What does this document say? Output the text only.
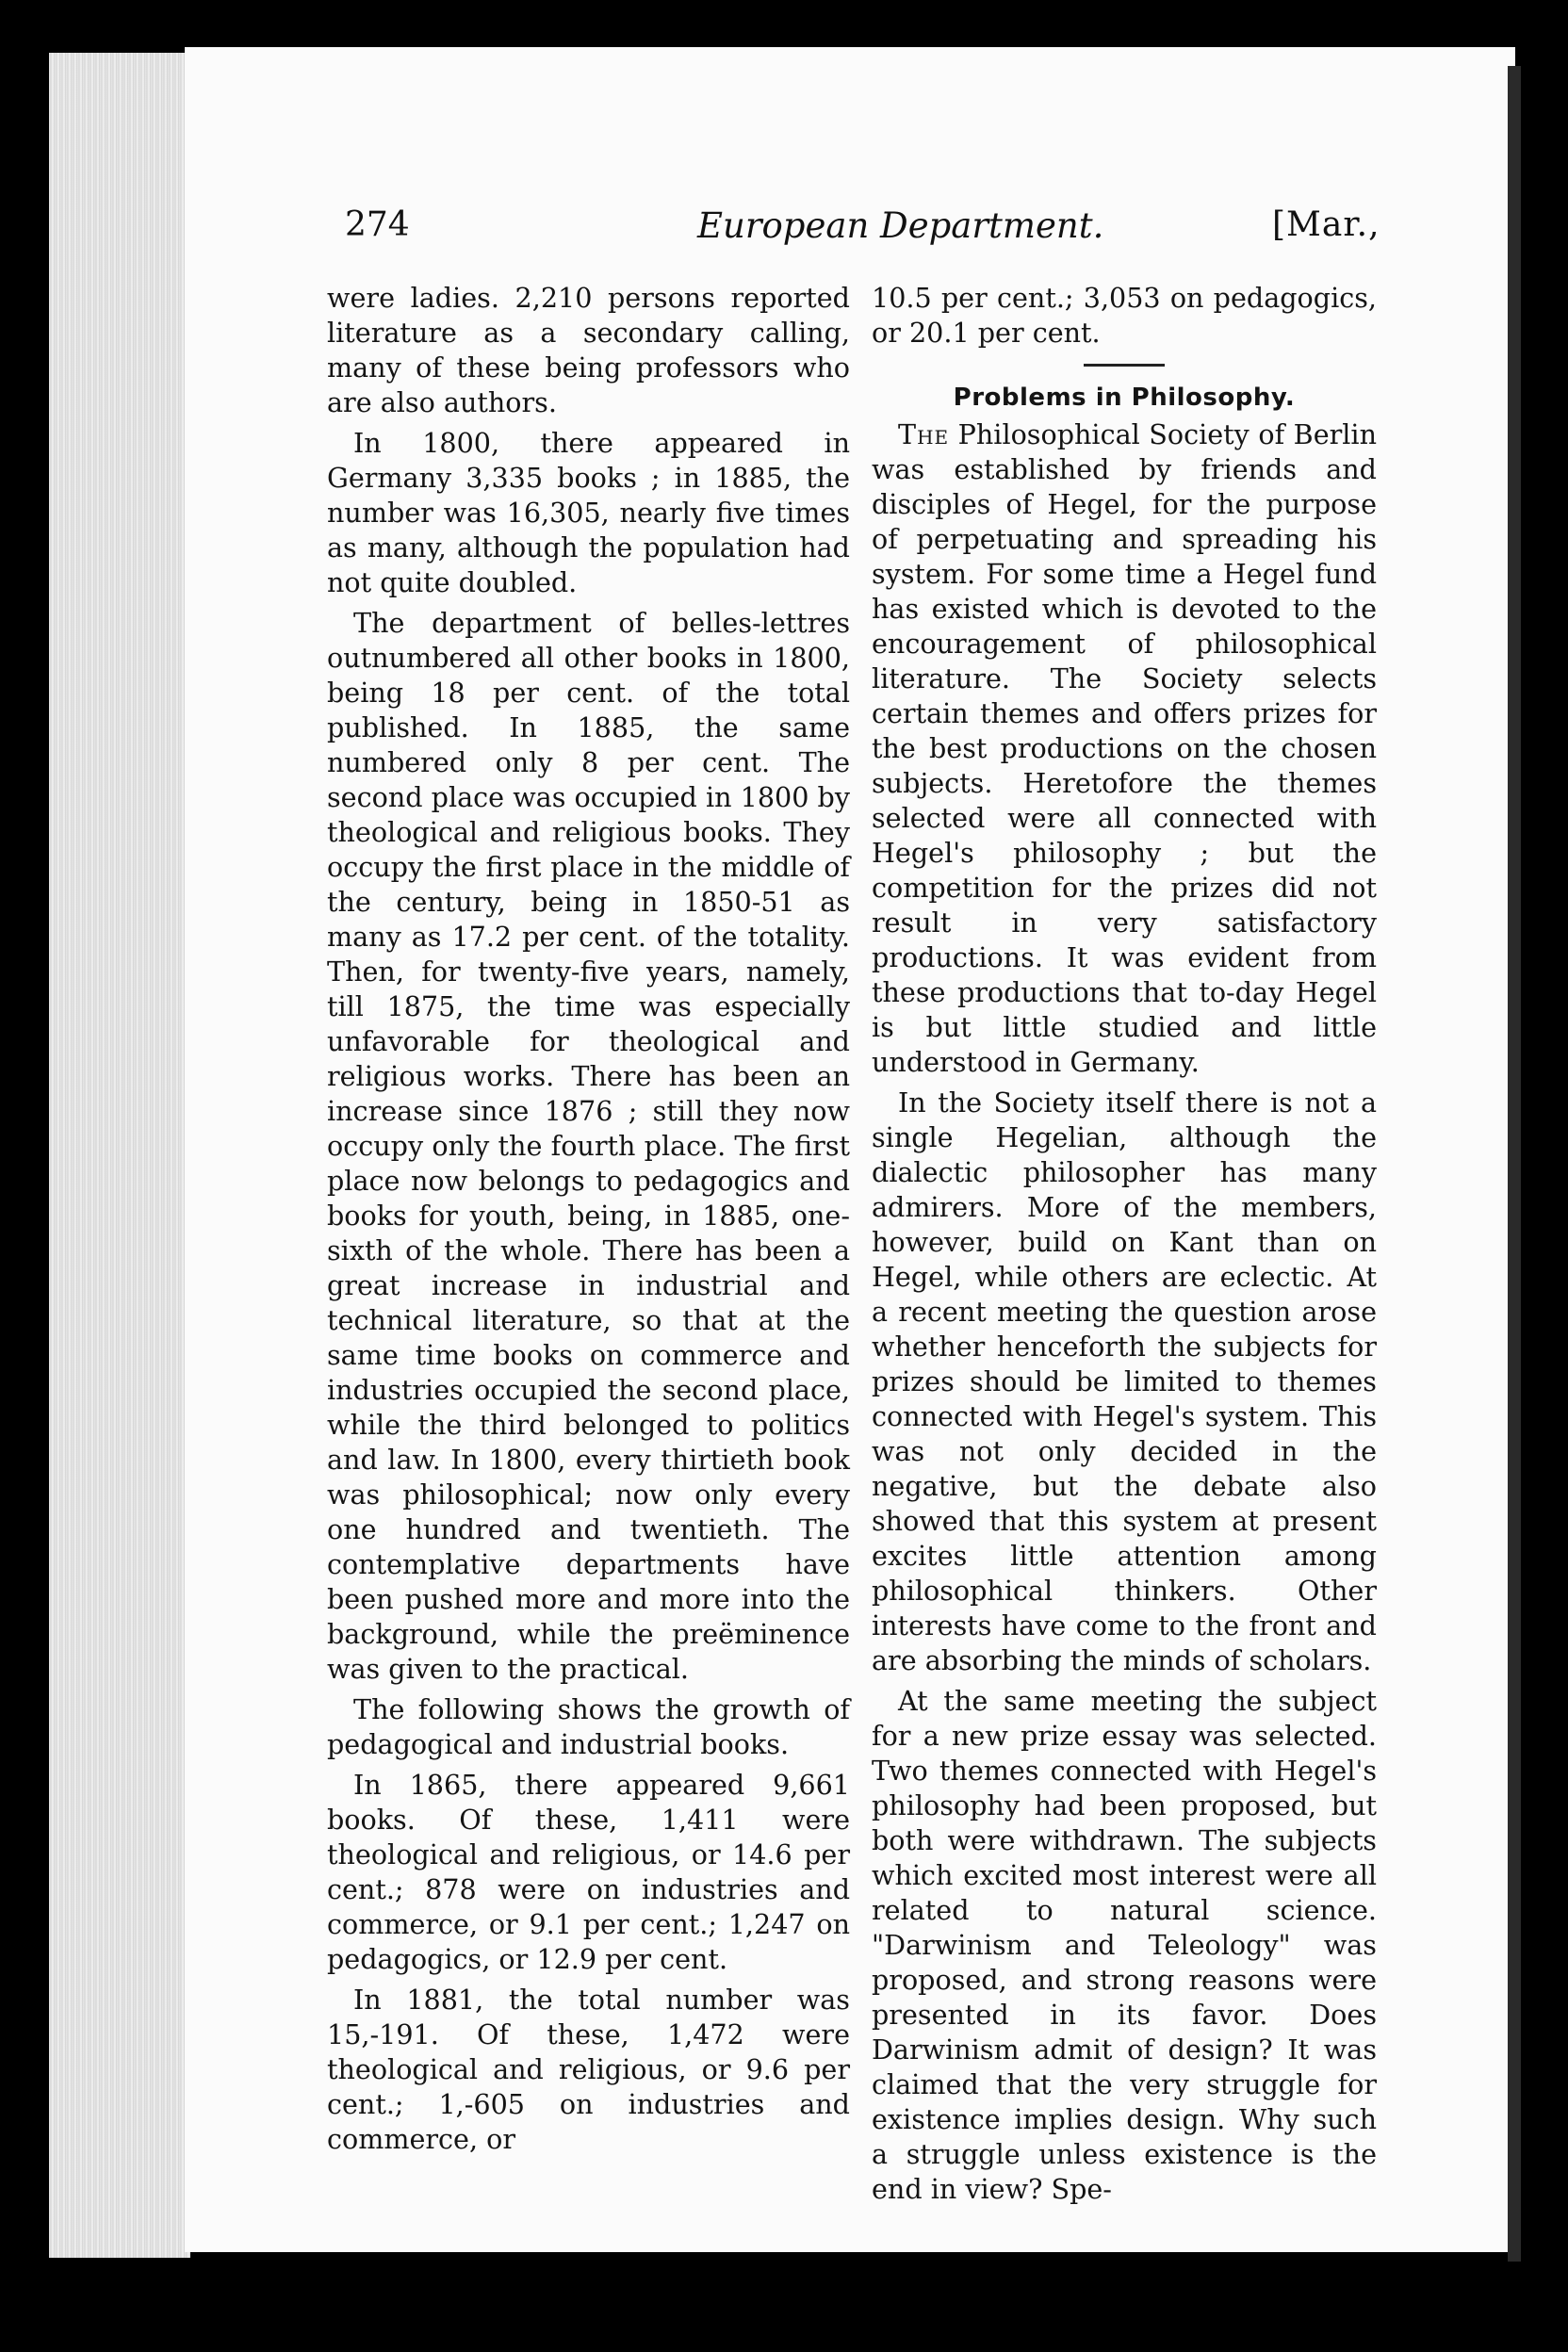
274	European Department.	[Mar.,

were ladies. 2,210 persons reported literature as a secondary calling, many of these being professors who are also authors.

In 1800, there appeared in Germany 3,335 books ; in 1885, the number was 16,305, nearly five times as many, although the population had not quite doubled.

The department of belles-lettres outnumbered all other books in 1800, being 18 per cent. of the total published. In 1885, the same numbered only 8 per cent. The second place was occupied in 1800 by theological and religious books. They occupy the first place in the middle of the century, being in 1850-51 as many as 17.2 per cent. of the totality. Then, for twenty-five years, namely, till 1875, the time was especially unfavorable for theological and religious works. There has been an increase since 1876 ; still they now occupy only the fourth place. The first place now belongs to pedagogics and books for youth, being, in 1885, one-sixth of the whole. There has been a great increase in industrial and technical literature, so that at the same time books on commerce and industries occupied the second place, while the third belonged to politics and law. In 1800, every thirtieth book was philosophical; now only every one hundred and twentieth. The contemplative departments have been pushed more and more into the background, while the preëminence was given to the practical.

The following shows the growth of pedagogical and industrial books.

In 1865, there appeared 9,661 books. Of these, 1,411 were theological and religious, or 14.6 per cent.; 878 were on industries and commerce, or 9.1 per cent.; 1,247 on pedagogics, or 12.9 per cent.

In 1881, the total number was 15,-191. Of these, 1,472 were theological and religious, or 9.6 per cent.; 1,-605 on industries and commerce, or

10.5 per cent.; 3,053 on pedagogics, or 20.1 per cent.

Problems in Philosophy.

The Philosophical Society of Berlin was established by friends and disciples of Hegel, for the purpose of perpetuating and spreading his system. For some time a Hegel fund has existed which is devoted to the encouragement of philosophical literature. The Society selects certain themes and offers prizes for the best productions on the chosen subjects. Heretofore the themes selected were all connected with Hegel's philosophy ; but the competition for the prizes did not result in very satisfactory productions. It was evident from these productions that to-day Hegel is but little studied and little understood in Germany.

In the Society itself there is not a single Hegelian, although the dialectic philosopher has many admirers. More of the members, however, build on Kant than on Hegel, while others are eclectic. At a recent meeting the question arose whether henceforth the subjects for prizes should be limited to themes connected with Hegel's system. This was not only decided in the negative, but the debate also showed that this system at present excites little attention among philosophical thinkers. Other interests have come to the front and are absorbing the minds of scholars.

At the same meeting the subject for a new prize essay was selected. Two themes connected with Hegel's philosophy had been proposed, but both were withdrawn. The subjects which excited most interest were all related to natural science. "Darwinism and Teleology" was proposed, and strong reasons were presented in its favor. Does Darwinism admit of design? It was claimed that the very struggle for existence implies design. Why such a struggle unless existence is the end in view? Spe-
